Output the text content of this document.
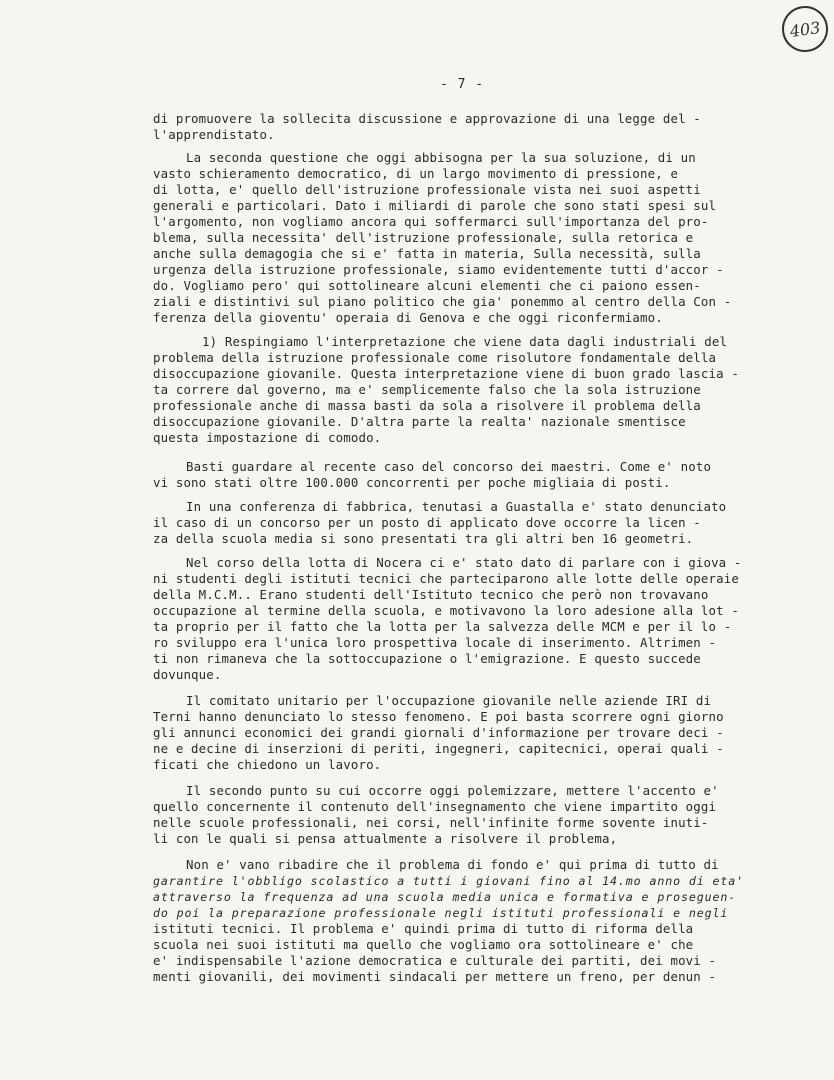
403
- 7 -
di promuovere la sollecita discussione e approvazione di una legge del -
l'apprendistato.
La seconda questione che oggi abbisogna per la sua soluzione, di un
vasto schieramento democratico, di un largo movimento di pressione, e
di lotta, e' quello dell'istruzione professionale vista nei suoi aspetti
generali e particolari. Dato i miliardi di parole che sono stati spesi sul
l'argomento, non vogliamo ancora qui soffermarci sull'importanza del pro-
blema, sulla necessita' dell'istruzione professionale, sulla retorica e
anche sulla demagogia che si e' fatta in materia, Sulla necessità, sulla
urgenza della istruzione professionale, siamo evidentemente tutti d'accor -
do. Vogliamo pero' qui sottolineare alcuni elementi che ci paiono essen-
ziali e distintivi sul piano politico che gia' ponemmo al centro della Con -
ferenza della gioventu' operaia di Genova e che oggi riconfermiamo.
1) Respingiamo l'interpretazione che viene data dagli industriali del
problema della istruzione professionale come risolutore fondamentale della
disoccupazione giovanile. Questa interpretazione viene di buon grado lascia -
ta correre dal governo, ma e' semplicemente falso che la sola istruzione
professionale anche di massa basti da sola a risolvere il problema della
disoccupazione giovanile. D'altra parte la realta' nazionale smentisce
questa impostazione di comodo.
Basti guardare al recente caso del concorso dei maestri. Come e' noto
vi sono stati oltre 100.000 concorrenti per poche migliaia di posti.
In una conferenza di fabbrica, tenutasi a Guastalla e' stato denunciato
il caso di un concorso per un posto di applicato dove occorre la licen -
za della scuola media si sono presentati tra gli altri ben 16 geometri.
Nel corso della lotta di Nocera ci e' stato dato di parlare con i giova -
ni studenti degli istituti tecnici che parteciparono alle lotte delle operaie
della M.C.M.. Erano studenti dell'Istituto tecnico che però non trovavano
occupazione al termine della scuola, e motivavono la loro adesione alla lot -
ta proprio per il fatto che la lotta per la salvezza delle MCM e per il lo -
ro sviluppo era l'unica loro prospettiva locale di inserimento. Altrimen -
ti non rimaneva che la sottoccupazione o l'emigrazione. E questo succede
dovunque.
Il comitato unitario per l'occupazione giovanile nelle aziende IRI di
Terni hanno denunciato lo stesso fenomeno. E poi basta scorrere ogni giorno
gli annunci economici dei grandi giornali d'informazione per trovare deci -
ne e decine di inserzioni di periti, ingegneri, capitecnici, operai quali -
ficati che chiedono un lavoro.
Il secondo punto su cui occorre oggi polemizzare, mettere l'accento e'
quello concernente il contenuto dell'insegnamento che viene impartito oggi
nelle scuole professionali, nei corsi, nell'infinite forme sovente inuti-
li con le quali si pensa attualmente a risolvere il problema,
Non e' vano ribadire che il problema di fondo e' qui prima di tutto di
garantire l'obbligo scolastico a tutti i giovani fino al 14.mo anno di eta'
attraverso la frequenza ad una scuola media unica e formativa e proseguen-
do poi la preparazione professionale negli istituti professionali e negli
istituti tecnici. Il problema e' quindi prima di tutto di riforma della
scuola nei suoi istituti ma quello che vogliamo ora sottolineare e' che
e' indispensabile l'azione democratica e culturale dei partiti, dei movi -
menti giovanili, dei movimenti sindacali per mettere un freno, per denun -
